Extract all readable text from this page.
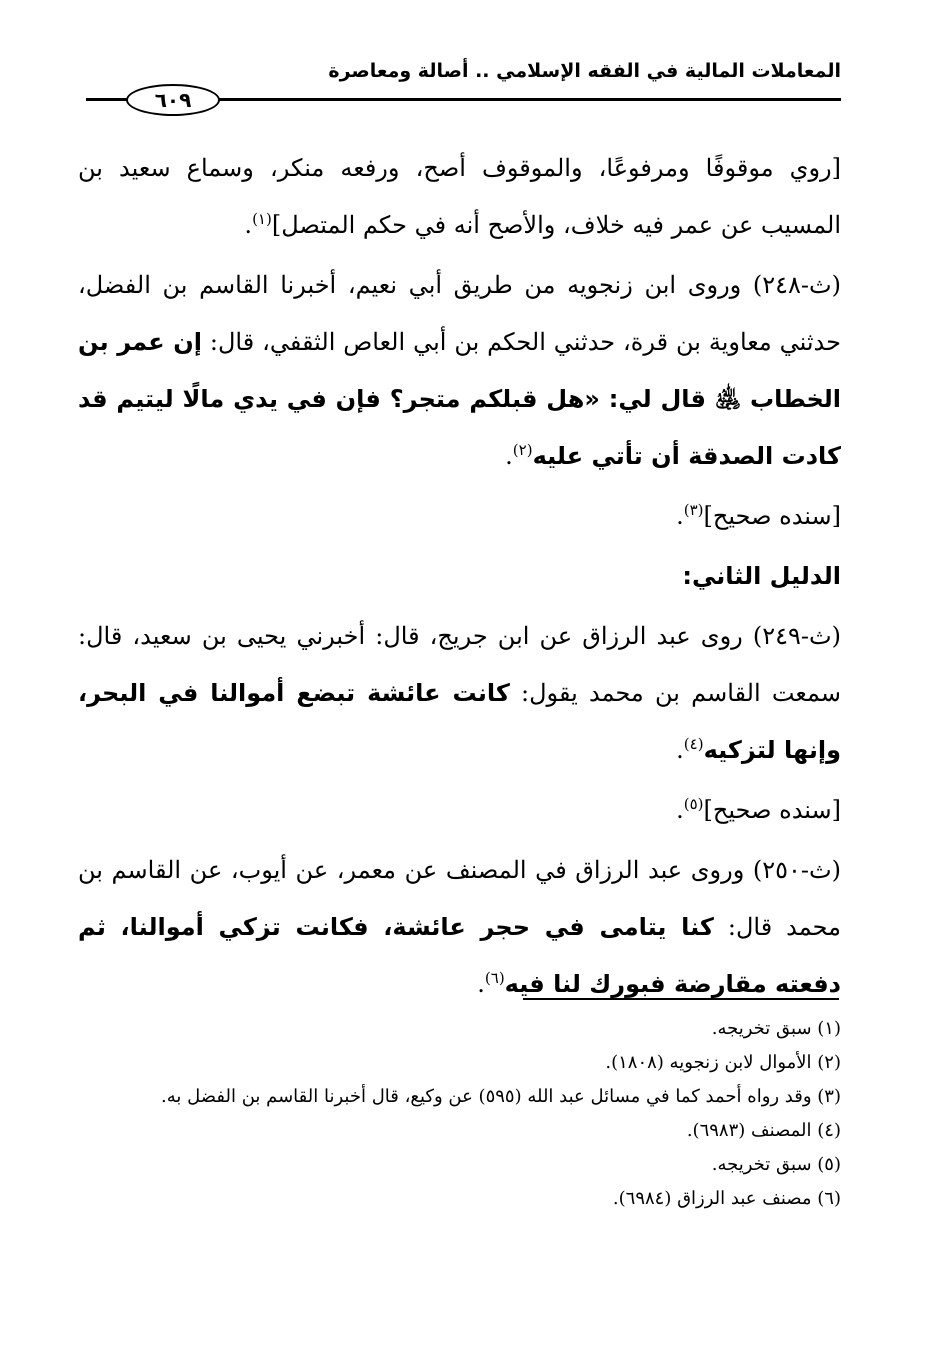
المعاملات المالية في الفقه الإسلامي .. أصالة ومعاصرة
٦٠٩

[روي موقوفًا ومرفوعًا، والموقوف أصح، ورفعه منكر، وسماع سعيد بن المسيب عن عمر فيه خلاف، والأصح أنه في حكم المتصل]$^{(١)}$.

(ث-٢٤٨) وروى ابن زنجويه من طريق أبي نعيم، أخبرنا القاسم بن الفضل، حدثني معاوية بن قرة، حدثني الحكم بن أبي العاص الثقفي، قال: إن عمر بن الخطاب ﵁ قال لي: «هل قبلكم متجر؟ فإن في يدي مالًا ليتيم قد كادت الصدقة أن تأتي عليه$^{(٢)}$.

[سنده صحيح]$^{(٣)}$.

الدليل الثاني:

(ث-٢٤٩) روى عبد الرزاق عن ابن جريج، قال: أخبرني يحيى بن سعيد، قال: سمعت القاسم بن محمد يقول: كانت عائشة تبضع أموالنا في البحر، وإنها لتزكيه$^{(٤)}$.

[سنده صحيح]$^{(٥)}$.

(ث-٢٥٠) وروى عبد الرزاق في المصنف عن معمر، عن أيوب، عن القاسم بن محمد قال: كنا يتامى في حجر عائشة، فكانت تزكي أموالنا، ثم دفعته مقارضة فبورك لنا فيه$^{(٦)}$.

(١) سبق تخريجه.
(٢) الأموال لابن زنجويه (١٨٠٨).
(٣) وقد رواه أحمد كما في مسائل عبد الله (٥٩٥) عن وكيع، قال أخبرنا القاسم بن الفضل به.
(٤) المصنف (٦٩٨٣).
(٥) سبق تخريجه.
(٦) مصنف عبد الرزاق (٦٩٨٤).
